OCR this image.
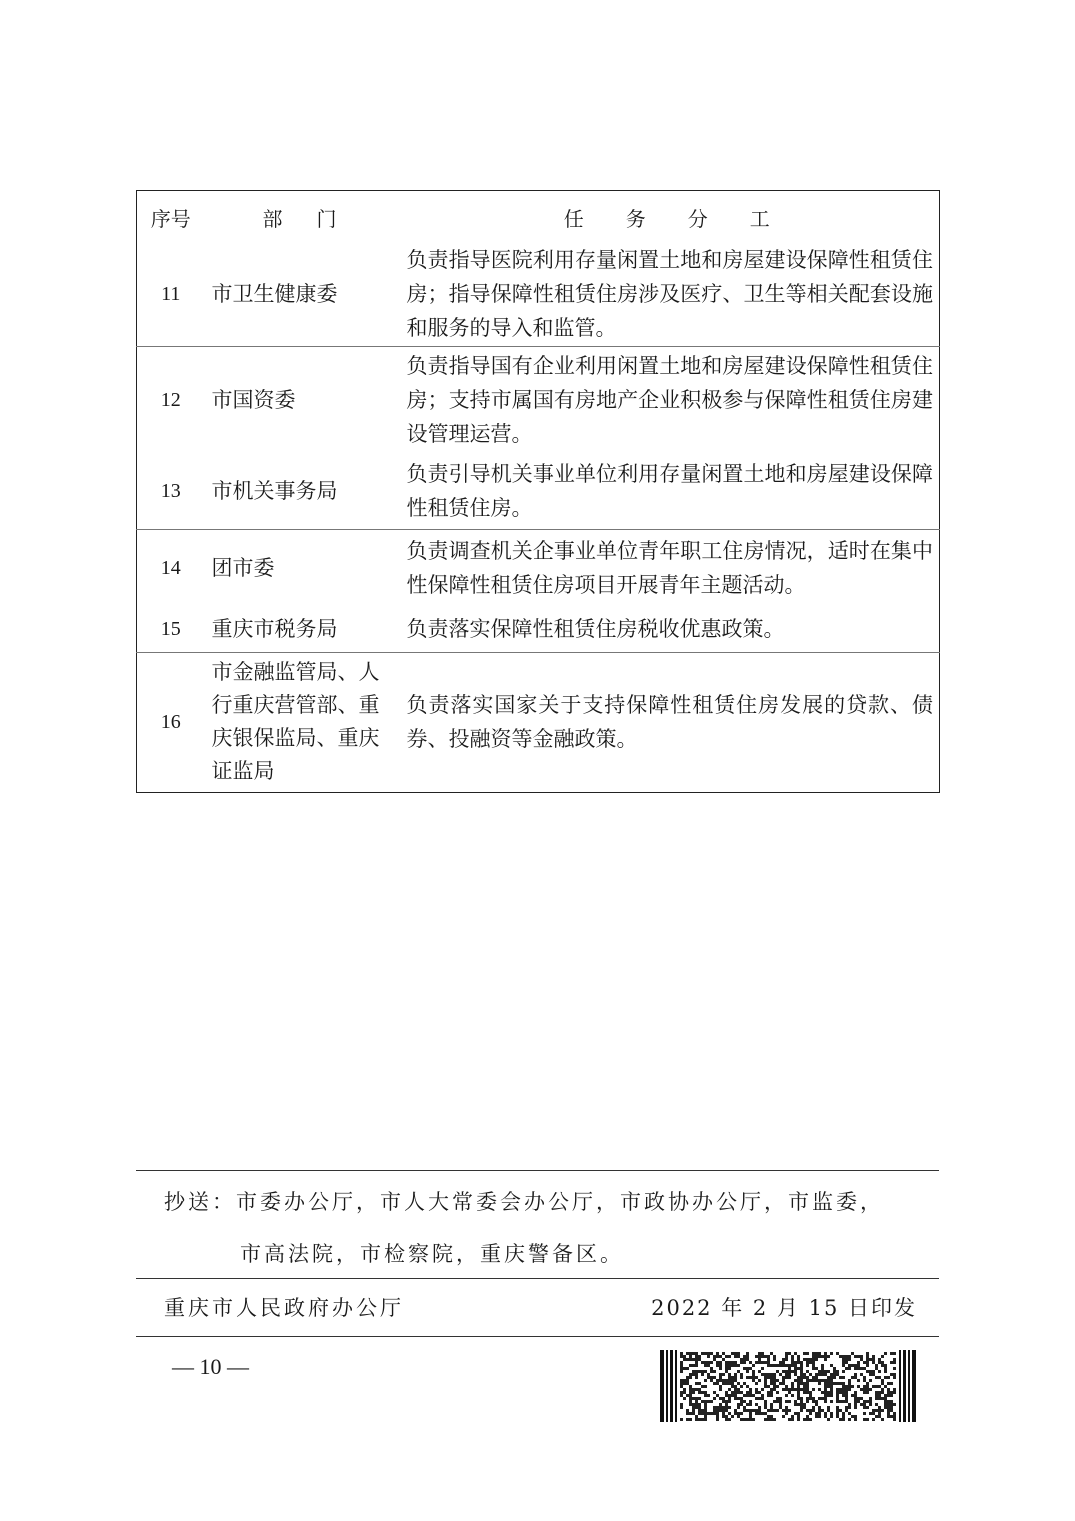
序号	部门	任务分工
11	市卫生健康委	负责指导医院利用存量闲置土地和房屋建设保障性租赁住房；指导保障性租赁住房涉及医疗、卫生等相关配套设施和服务的导入和监管。
12	市国资委	负责指导国有企业利用闲置土地和房屋建设保障性租赁住房；支持市属国有房地产企业积极参与保障性租赁住房建设管理运营。
13	市机关事务局	负责引导机关事业单位利用存量闲置土地和房屋建设保障性租赁住房。
14	团市委	负责调查机关企事业单位青年职工住房情况，适时在集中性保障性租赁住房项目开展青年主题活动。
15	重庆市税务局	负责落实保障性租赁住房税收优惠政策。
16	市金融监管局、人行重庆营管部、重庆银保监局、重庆证监局	负责落实国家关于支持保障性租赁住房发展的贷款、债券、投融资等金融政策。
抄送：市委办公厅，市人大常委会办公厅，市政协办公厅，市监委，
市高法院，市检察院，重庆警备区。
重庆市人民政府办公厅	2022 年 2 月 15 日印发
— 10 —
